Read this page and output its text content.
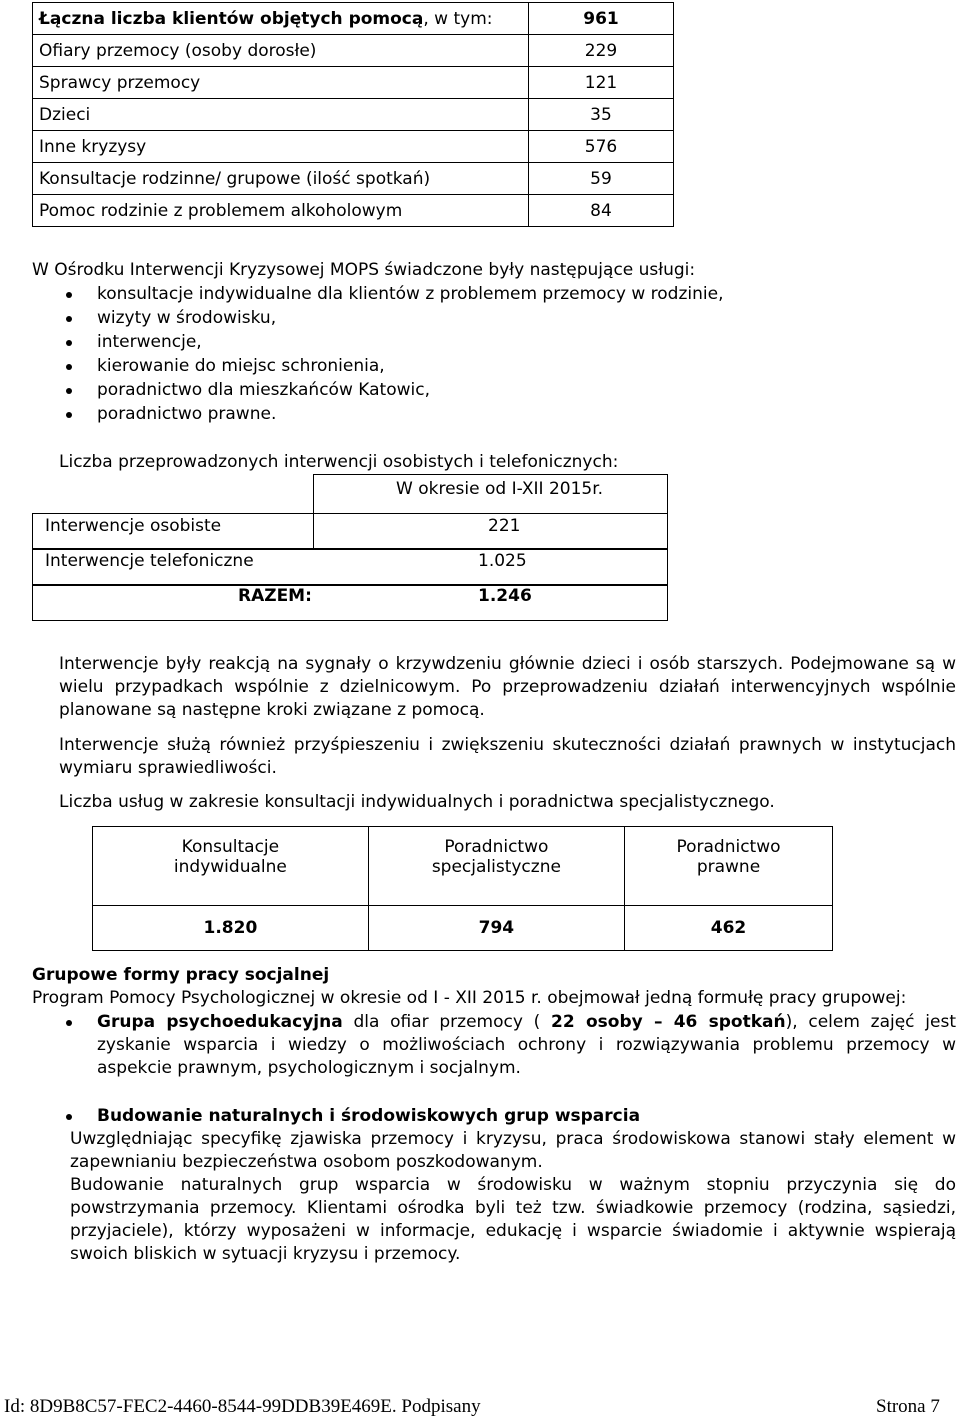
Łączna liczba klientów objętych pomocą, w tym:	961
Ofiary przemocy (osoby dorosłe)	229
Sprawcy przemocy	121
Dzieci	35
Inne kryzysy	576
Konsultacje rodzinne/ grupowe (ilość spotkań)	59
Pomoc rodzinie z problemem alkoholowym	84
W Ośrodku Interwencji Kryzysowej MOPS świadczone były następujące usługi:
konsultacje indywidualne dla klientów z problemem przemocy w rodzinie,
wizyty w środowisku,
interwencje,
kierowanie do miejsc schronienia,
poradnictwo dla mieszkańców Katowic,
poradnictwo prawne.
Liczba przeprowadzonych interwencji osobistych i telefonicznych:
W okresie od I-XII 2015r.
Interwencje osobiste	221
Interwencje telefoniczne	1.025
RAZEM:	1.246
Interwencje były reakcją na sygnały o krzywdzeniu głównie dzieci i osób starszych. Podejmowane są w wielu przypadkach wspólnie z dzielnicowym. Po przeprowadzeniu działań interwencyjnych wspólnie planowane są następne kroki związane z pomocą.
Interwencje służą również przyśpieszeniu i zwiększeniu skuteczności działań prawnych w instytucjach wymiaru sprawiedliwości.
Liczba usług w zakresie konsultacji indywidualnych i poradnictwa specjalistycznego.
Konsultacje indywidualne	Poradnictwo specjalistyczne	Poradnictwo prawne
1.820	794	462
Grupowe formy pracy socjalnej
Program Pomocy Psychologicznej w okresie od I - XII 2015 r. obejmował jedną formułę pracy grupowej:
Grupa psychoedukacyjna dla ofiar przemocy ( 22 osoby – 46 spotkań), celem zajęć jest zyskanie wsparcia i wiedzy o możliwościach ochrony i rozwiązywania problemu przemocy w aspekcie prawnym, psychologicznym i socjalnym.
Budowanie naturalnych i środowiskowych grup wsparcia
Uwzględniając specyfikę zjawiska przemocy i kryzysu, praca środowiskowa stanowi stały element w zapewnianiu bezpieczeństwa osobom poszkodowanym.
Budowanie naturalnych grup wsparcia w środowisku w ważnym stopniu przyczynia się do powstrzymania przemocy. Klientami ośrodka byli też tzw. świadkowie przemocy (rodzina, sąsiedzi, przyjaciele), którzy wyposażeni w informacje, edukację i wsparcie świadomie i aktywnie wspierają swoich bliskich w sytuacji kryzysu i przemocy.
Id: 8D9B8C57-FEC2-4460-8544-99DDB39E469E. Podpisany	Strona 7
